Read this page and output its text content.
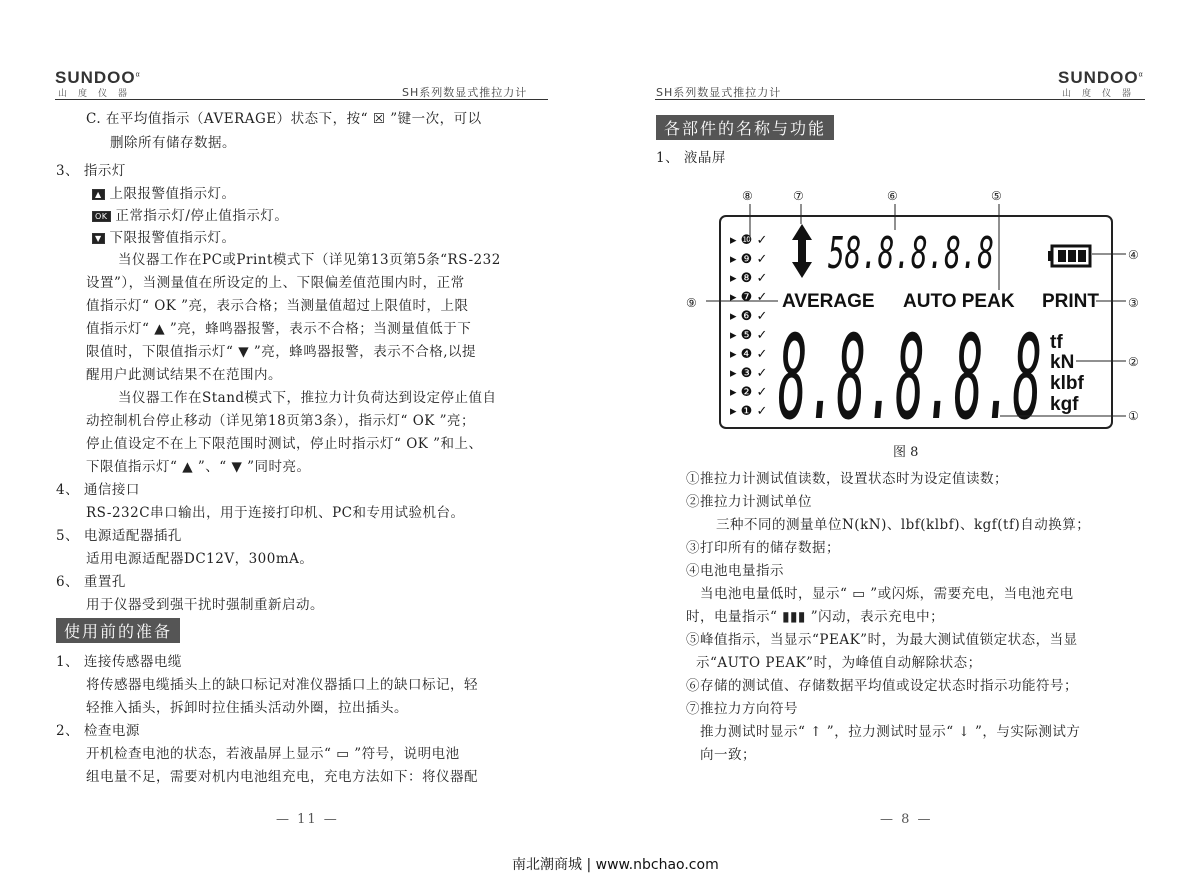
$SUNDOO^\alpha$
山度仪器	SH系列数显式推拉力计
C. 在平均值指示（AVERAGE）状态下，按“ ☒ ”键一次，可以
删除所有储存数据。
3、 指示灯
▲ 上限报警值指示灯。
OK 正常指示灯/停止值指示灯。
▼ 下限报警值指示灯。
当仪器工作在PC或Print模式下（详见第13页第5条“RS-232
设置”），当测量值在所设定的上、下限偏差值范围内时，正常
值指示灯“ OK ”亮，表示合格；当测量值超过上限值时，上限
值指示灯“ ▲ ”亮，蜂鸣器报警，表示不合格；当测量值低于下
限值时，下限值指示灯“ ▼ ”亮，蜂鸣器报警，表示不合格,以提
醒用户此测试结果不在范围内。
当仪器工作在Stand模式下，推拉力计负荷达到设定停止值自
动控制机台停止移动（详见第18页第3条），指示灯“ OK ”亮；
停止值设定不在上下限范围时测试，停止时指示灯“ OK ”和上、
下限值指示灯“ ▲ ”、“ ▼ ”同时亮。
4、 通信接口
RS-232C串口输出，用于连接打印机、PC和专用试验机台。
5、 电源适配器插孔
适用电源适配器DC12V，300mA。
6、 重置孔
用于仪器受到强干扰时强制重新启动。
使用前的准备
1、 连接传感器电缆
将传感器电缆插头上的缺口标记对准仪器插口上的缺口标记，轻
轻推入插头，拆卸时拉住插头活动外圈，拉出插头。
2、 检查电源
开机检查电池的状态，若液晶屏上显示“ ▭ ”符号，说明电池
组电量不足，需要对机内电池组充电，充电方法如下：将仪器配
— 11 —
SH系列数显式推拉力计
$SUNDOO^\alpha$
山度仪器
各部件的名称与功能
1、 液晶屏
▸ ❿ ✓
▸ ❾ ✓
▸ ❽ ✓
▸ ❼ ✓
▸ ❻ ✓
▸ ❺ ✓
▸ ❹ ✓
▸ ❸ ✓
▸ ❷ ✓
▸ ❶ ✓
58.8.8.8.8
AVERAGE AUTO PEAK PRINT
8.8.8.8.8 tf
kN
klbf
kgf
⑧	⑦	⑥	⑤
④
③
②
①
⑨
图 8
①推拉力计测试值读数，设置状态时为设定值读数；
②推拉力计测试单位
三种不同的测量单位N(kN)、lbf(klbf)、kgf(tf)自动换算；
③打印所有的储存数据；
④电池电量指示
当电池电量低时，显示“ ▭ ”或闪烁，需要充电，当电池充电
时，电量指示“ ▮▮▮ ”闪动，表示充电中；
⑤峰值指示，当显示“PEAK”时，为最大测试值锁定状态，当显
示“AUTO PEAK”时，为峰值自动解除状态；
⑥存储的测试值、存储数据平均值或设定状态时指示功能符号；
⑦推拉力方向符号
推力测试时显示“ ↑ ”，拉力测试时显示“ ↓ ”，与实际测试方
向一致；
— 8 —
南北潮商城 | www.nbchao.com
